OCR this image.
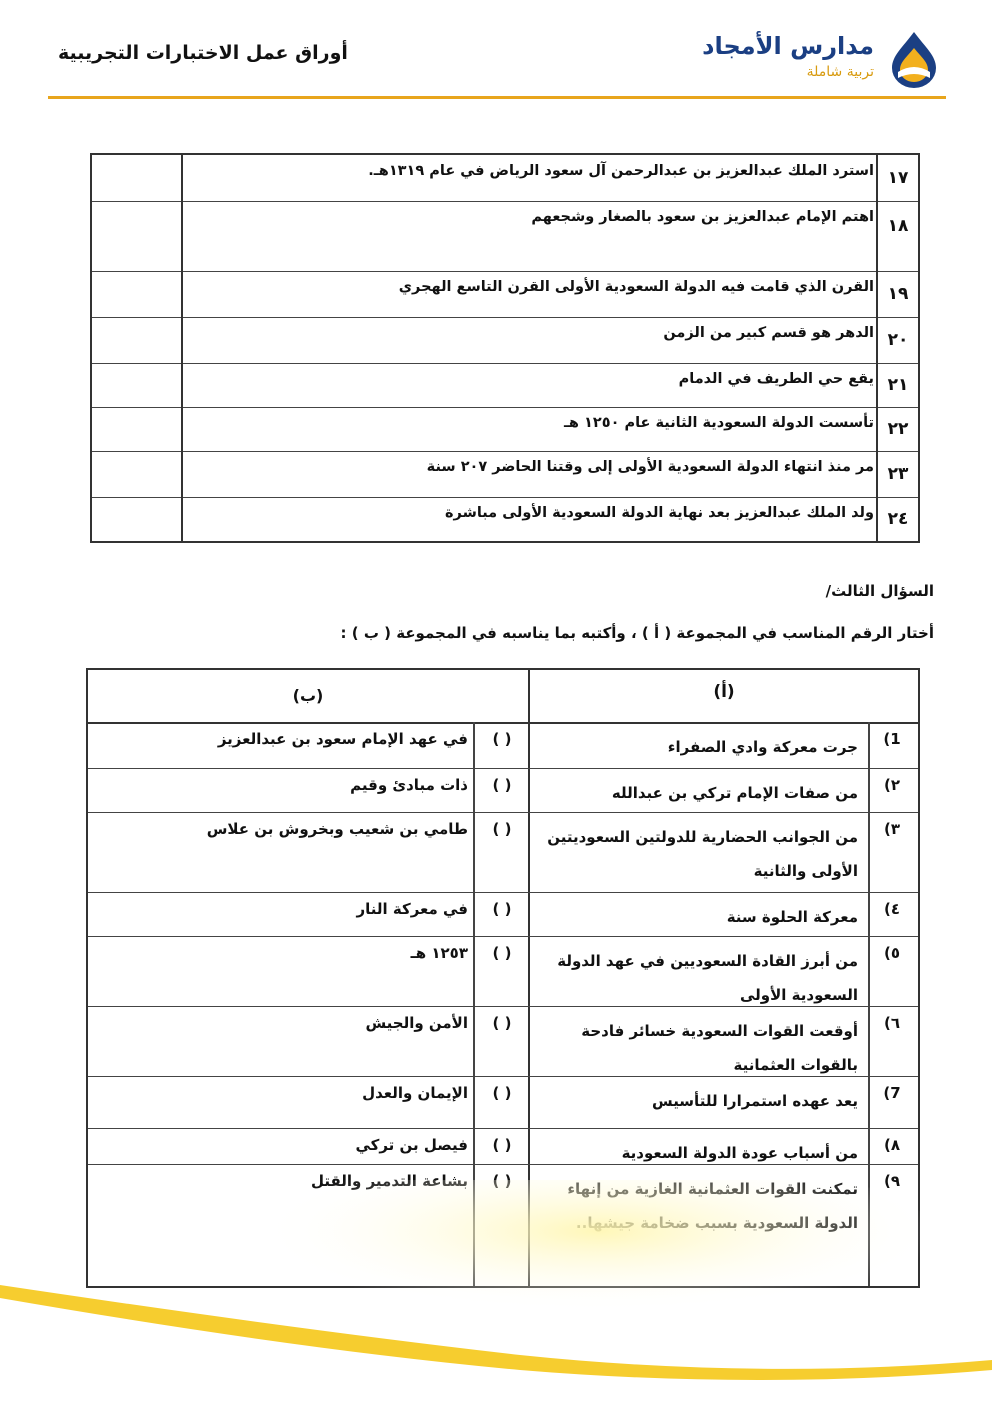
أوراق عمل الاختبارات التجريبية	مدارس الأمجاد
تربية شاملة
١٧
استرد الملك عبدالعزيز بن عبدالرحمن آل سعود الرياض في عام ١٣١٩هـ.
١٨
اهتم الإمام عبدالعزيز بن سعود بالصغار وشجعهم
١٩
القرن الذي قامت فيه الدولة السعودية الأولى القرن التاسع الهجري
٢٠
الدهر هو قسم كبير من الزمن
٢١
يقع حي الطريف في الدمام
٢٢
تأسست الدولة السعودية الثانية عام ١٢٥٠ هـ
٢٣
مر منذ انتهاء الدولة السعودية الأولى إلى وقتنا الحاضر ٢٠٧ سنة
٢٤
ولد الملك عبدالعزيز بعد نهاية الدولة السعودية الأولى مباشرة
السؤال الثالث/
أختار الرقم المناسب في المجموعة ( أ ) ، وأكتبه بما يناسبه في المجموعة ( ب ) :
(ب)	(أ)
1)
جرت معركة وادي الصفراء
( )
في عهد الإمام سعود بن عبدالعزيز
٢)
من صفات الإمام تركي بن عبدالله
( )
ذات مبادئ وقيم
٣)
من الجوانب الحضارية للدولتين السعوديتين الأولى والثانية
( )
طامي بن شعيب وبخروش بن علاس
٤)
معركة الحلوة سنة
( )
في معركة النار
٥)
من أبرز القادة السعوديين في عهد الدولة السعودية الأولى
( )
١٢٥٣ هـ
٦)
أوقعت القوات السعودية خسائر فادحة بالقوات العثمانية
( )
الأمن والجيش
7)
يعد عهده استمرارا للتأسيس
( )
الإيمان والعدل
٨)
من أسباب عودة الدولة السعودية
( )
فيصل بن تركي
٩)
